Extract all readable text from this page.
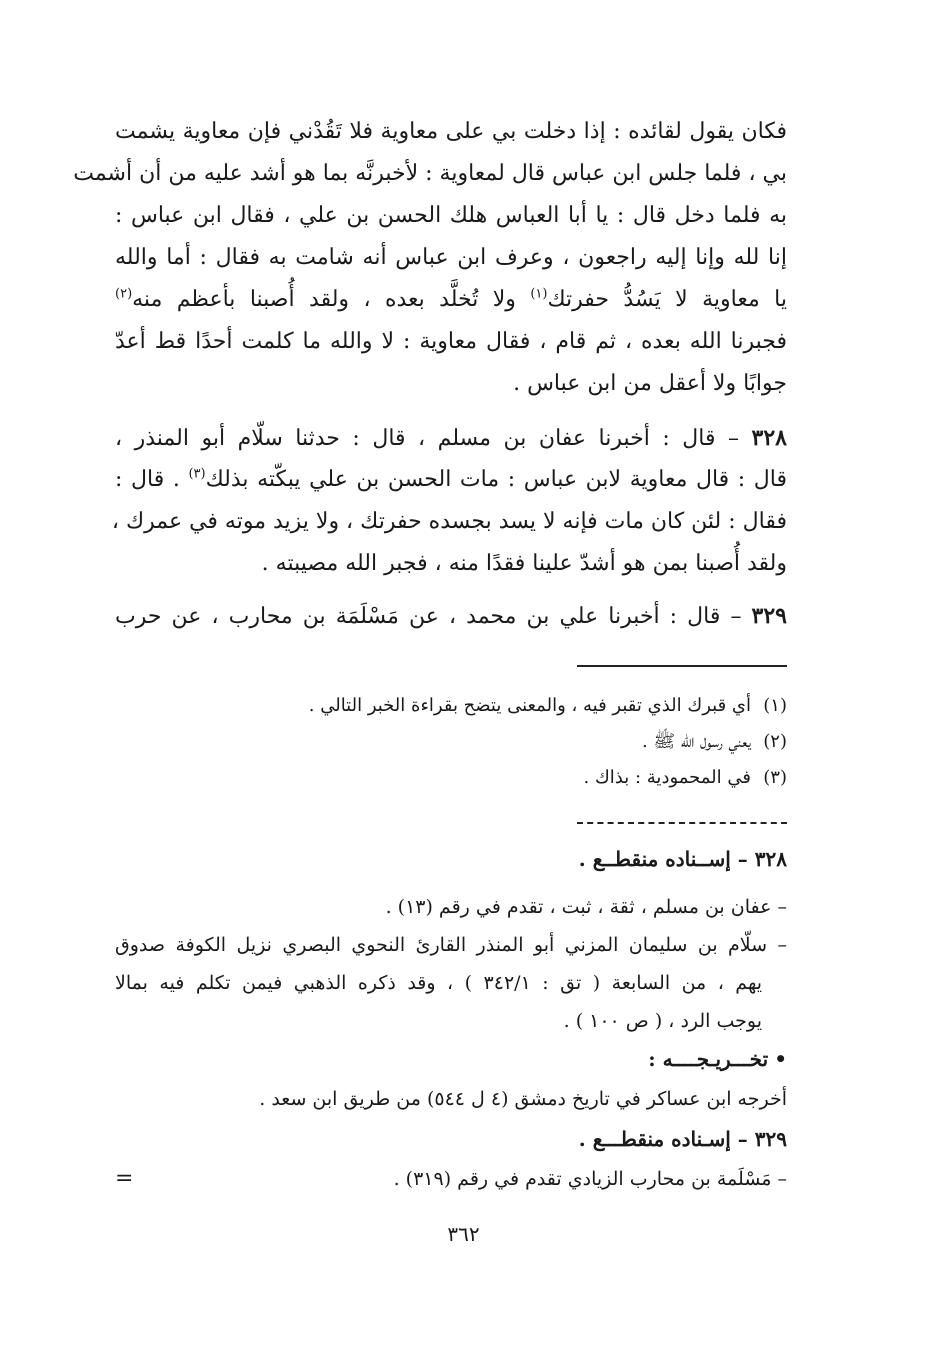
فكان يقول لقائده : إذا دخلت بي على معاوية فلا تَقُدْني فإن معاوية يشمت
بي ، فلما جلس ابن عباس قال لمعاوية : لأخبرنَّه بما هو أشد عليه من أن أشمت
به فلما دخل قال : يا أبا العباس هلك الحسن بن علي ، فقال ابن عباس :
إنا لله وإنا إليه راجعون ، وعرف ابن عباس أنه شامت به فقال : أما والله
يا معاوية لا يَسُدُّ حفرتك$^{(١)}$ ولا تُخلَّد بعده ، ولقد أُصبنا بأعظم منه$^{(٢)}$
فجبرنا الله بعده ، ثم قام ، فقال معاوية : لا والله ما كلمت أحدًا قط أعدّ
جوابًا ولا أعقل من ابن عباس .
٣٢٨ – قال : أخبرنا عفان بن مسلم ، قال : حدثنا سلّام أبو المنذر ،
قال : قال معاوية لابن عباس : مات الحسن بن علي يبكّته بذلك$^{(٣)}$ . قال :
فقال : لئن كان مات فإنه لا يسد بجسده حفرتك ، ولا يزيد موته في عمرك ،
ولقد أُصبنا بمن هو أشدّ علينا فقدًا منه ، فجبر الله مصيبته .
٣٢٩ – قال : أخبرنا علي بن محمد ، عن مَسْلَمَة بن محارب ، عن حرب
(١)أي قبرك الذي تقبر فيه ، والمعنى يتضح بقراءة الخبر التالي .
(٢)يعني رسول الله ﷺ .
(٣)في المحمودية : بذاك .
٣٢٨ – إســناده منقطــع .
– عفان بن مسلم ، ثقة ، ثبت ، تقدم في رقم (١٣) .
– سلّام بن سليمان المزني أبو المنذر القارئ النحوي البصري نزيل الكوفة صدوق
يهم ، من السابعة ( تق : ٣٤٢/١ ) ، وقد ذكره الذهبي فيمن تكلم فيه بمالا
يوجب الرد ، ( ص ١٠٠ ) .
• تخـــريـجــــه :
أخرجه ابن عساكر في تاريخ دمشق (٤ ل ٥٤٤) من طريق ابن سعد .
٣٢٩ – إسـناده منقطـــع .
– مَسْلَمة بن محارب الزيادي تقدم في رقم (٣١٩) .
=
٣٦٢
